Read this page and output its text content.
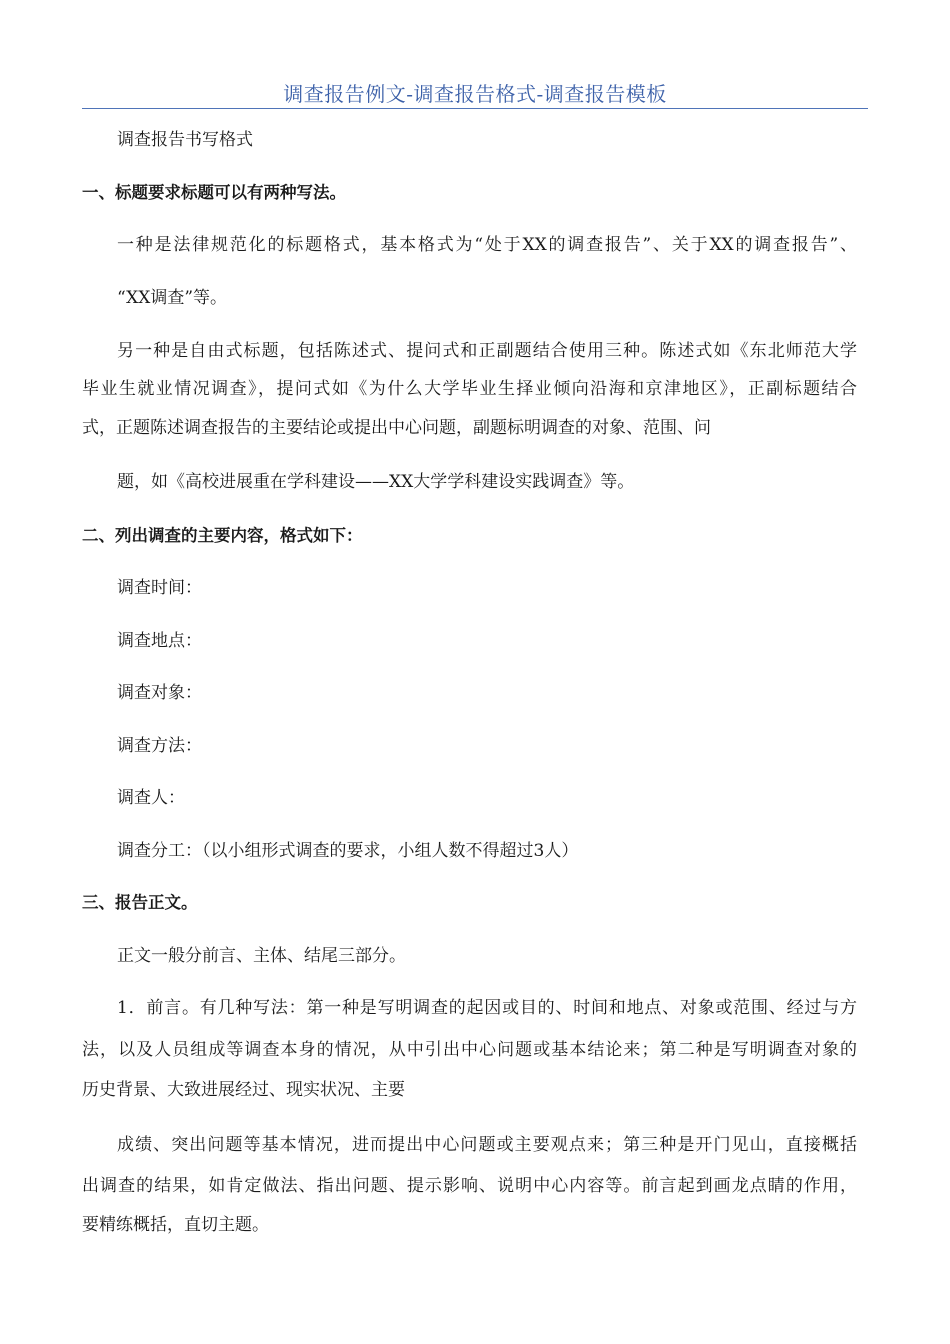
调查报告例文-调查报告格式-调查报告模板
调查报告书写格式
一、标题要求标题可以有两种写法。
一种是法律规范化的标题格式，基本格式为“处于XX的调查报告”、关于XX的调查报告”、
“XX调查”等。
另一种是自由式标题，包括陈述式、提问式和正副题结合使用三种。陈述式如《东北师范大学
毕业生就业情况调查》，提问式如《为什么大学毕业生择业倾向沿海和京津地区》，正副标题结合
式，正题陈述调查报告的主要结论或提出中心问题，副题标明调查的对象、范围、问
题，如《高校进展重在学科建设——XX大学学科建设实践调查》等。
二、列出调查的主要内容，格式如下：
调查时间：
调查地点：
调查对象：
调查方法：
调查人：
调查分工：（以小组形式调查的要求，小组人数不得超过3人）
三、报告正文。
正文一般分前言、主体、结尾三部分。
1．前言。有几种写法：第一种是写明调查的起因或目的、时间和地点、对象或范围、经过与方
法，以及人员组成等调查本身的情况，从中引出中心问题或基本结论来；第二种是写明调查对象的
历史背景、大致进展经过、现实状况、主要
成绩、突出问题等基本情况，进而提出中心问题或主要观点来；第三种是开门见山，直接概括
出调查的结果，如肯定做法、指出问题、提示影响、说明中心内容等。前言起到画龙点睛的作用，
要精练概括，直切主题。
